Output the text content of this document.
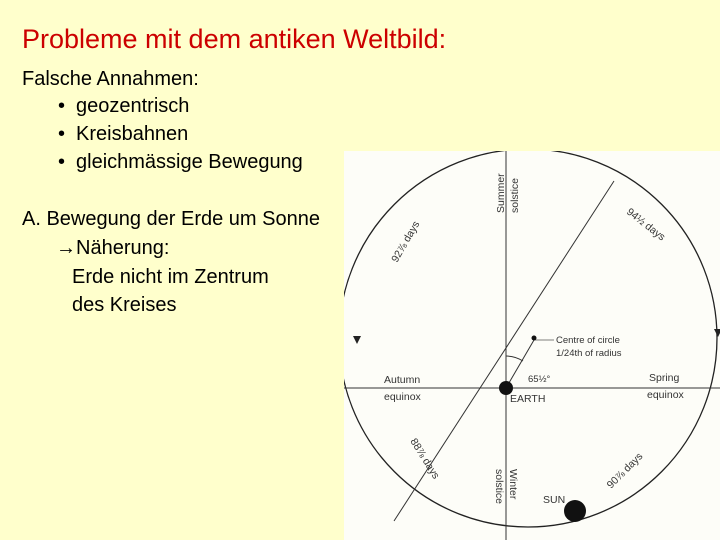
Probleme mit dem antiken Weltbild:
Falsche Annahmen:
• geozentrisch
• Kreisbahnen
• gleichmässige Bewegung
A. Bewegung der Erde um Sonne
→Näherung:
Erde nicht im Zentrum
des Kreises
Summer solstice
Winter
solstice
Autumn
equinox
Spring
equinox
EARTH
SUN
Centre of circle
1/24th of radius
65½°
92⅞ days	94½ days
88⅞ days	90⅞ days
